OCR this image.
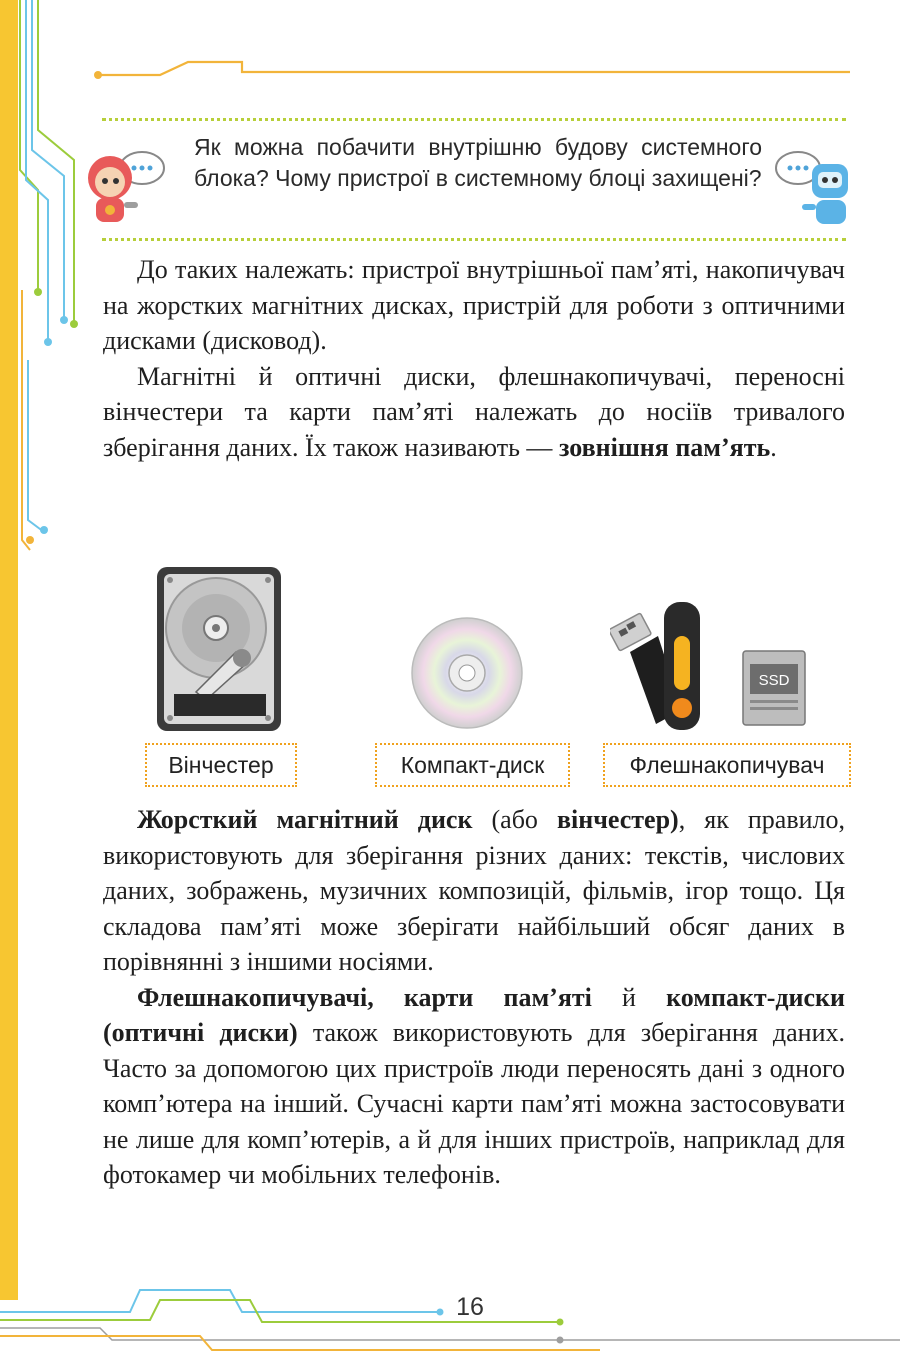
Як можна побачити внутрішню будову системного блока? Чому пристрої в системному блоці захищені?

До таких належать: пристрої внутрішньої пам’яті, накопичувач на жорстких магнітних дисках, пристрій для роботи з оптичними дисками (дисковод).

Магнітні й оптичні диски, флешнакопичувачі, переносні вінчестери та карти пам’яті належать до носіїв тривалого зберігання даних. Їх також називають — зовнішня пам’ять.

SSD
Вінчестер	Компакт-диск	Флешнакопичувач

Жорсткий магнітний диск (або вінчестер), як правило, використовують для зберігання різних даних: текстів, числових даних, зображень, музичних композицій, фільмів, ігор тощо. Ця складова пам’яті може зберігати найбільший обсяг даних в порівнянні з іншими носіями.

Флешнакопичувачі, карти пам’яті й компакт-диски (оптичні диски) також використовують для зберігання даних. Часто за допомогою цих пристроїв люди переносять дані з одного комп’ютера на інший. Сучасні карти пам’яті можна застосовувати не лише для комп’ютерів, а й для інших пристроїв, наприклад для фотокамер чи мобільних телефонів.

16
